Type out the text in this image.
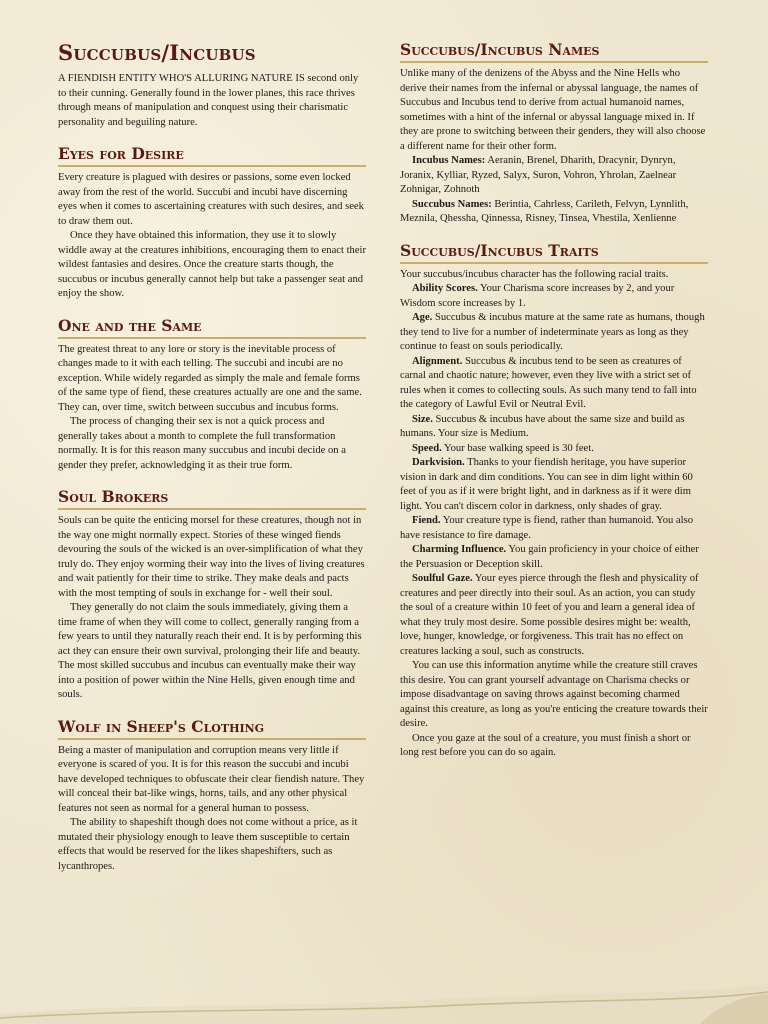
Succubus/Incubus

A FIENDISH ENTITY WHO'S ALLURING NATURE IS second only to their cunning. Generally found in the lower planes, this race thrives through means of manipulation and conquest using their charismatic personality and beguiling nature.

Eyes for Desire

Every creature is plagued with desires or passions, some even locked away from the rest of the world. Succubi and incubi have discerning eyes when it comes to ascertaining creatures with such desires, and seek to draw them out.

Once they have obtained this information, they use it to slowly widdle away at the creatures inhibitions, encouraging them to enact their wildest fantasies and desires. Once the creature starts though, the succubus or incubus generally cannot help but take a passenger seat and enjoy the show.

One and the Same

The greatest threat to any lore or story is the inevitable process of changes made to it with each telling. The succubi and incubi are no exception. While widely regarded as simply the male and female forms of the same type of fiend, these creatures actually are one and the same. They can, over time, switch between succubus and incubus forms.

The process of changing their sex is not a quick process and generally takes about a month to complete the full transformation normally. It is for this reason many succubus and incubi decide on a gender they prefer, acknowledging it as their true form.

Soul Brokers

Souls can be quite the enticing morsel for these creatures, though not in the way one might normally expect. Stories of these winged fiends devouring the souls of the wicked is an over-simplification of what they truly do. They enjoy worming their way into the lives of living creatures and wait patiently for their time to strike. They make deals and pacts with the most tempting of souls in exchange for - well their soul.

They generally do not claim the souls immediately, giving them a time frame of when they will come to collect, generally ranging from a few years to until they naturally reach their end. It is by performing this act they can ensure their own survival, prolonging their life and beauty. The most skilled succubus and incubus can eventually make their way into a position of power within the Nine Hells, given enough time and souls.

Wolf in Sheep's Clothing

Being a master of manipulation and corruption means very little if everyone is scared of you. It is for this reason the succubi and incubi have developed techniques to obfuscate their clear fiendish nature. They will conceal their bat-like wings, horns, tails, and any other physical features not seen as normal for a general human to possess.

The ability to shapeshift though does not come without a price, as it mutated their physiology enough to leave them susceptible to certain effects that would be reserved for the likes shapeshifters, such as lycanthropes.

Succubus/Incubus Names

Unlike many of the denizens of the Abyss and the Nine Hells who derive their names from the infernal or abyssal language, the names of Succubus and Incubus tend to derive from actual humanoid names, sometimes with a hint of the infernal or abyssal language mixed in. If they are prone to switching between their genders, they will also choose a different name for their other form.

Incubus Names: Aeranin, Brenel, Dharith, Dracynir, Dynryn, Joranix, Kylliar, Ryzed, Salyx, Suron, Vohron, Yhrolan, Zaelnear Zohnigar, Zohnoth

Succubus Names: Berintia, Cahrless, Carileth, Felvyn, Lynnlith, Meznila, Qhessha, Qinnessa, Risney, Tinsea, Vhestila, Xenlienne

Succubus/Incubus Traits

Your succubus/incubus character has the following racial traits.

Ability Scores. Your Charisma score increases by 2, and your Wisdom score increases by 1.

Age. Succubus & incubus mature at the same rate as humans, though they tend to live for a number of indeterminate years as long as they continue to feast on souls periodically.

Alignment. Succubus & incubus tend to be seen as creatures of carnal and chaotic nature; however, even they live with a strict set of rules when it comes to collecting souls. As such many tend to fall into the category of Lawful Evil or Neutral Evil.

Size. Succubus & incubus have about the same size and build as humans. Your size is Medium.

Speed. Your base walking speed is 30 feet.

Darkvision. Thanks to your fiendish heritage, you have superior vision in dark and dim conditions. You can see in dim light within 60 feet of you as if it were bright light, and in darkness as if it were dim light. You can't discern color in darkness, only shades of gray.

Fiend. Your creature type is fiend, rather than humanoid. You also have resistance to fire damage.

Charming Influence. You gain proficiency in your choice of either the Persuasion or Deception skill.

Soulful Gaze. Your eyes pierce through the flesh and physicality of creatures and peer directly into their soul. As an action, you can study the soul of a creature within 10 feet of you and learn a general idea of what they truly most desire. Some possible desires might be: wealth, love, hunger, knowledge, or forgiveness. This trait has no effect on creatures lacking a soul, such as constructs.

You can use this information anytime while the creature still craves this desire. You can grant yourself advantage on Charisma checks or impose disadvantage on saving throws against becoming charmed against this creature, as long as you're enticing the creature towards their desire.

Once you gaze at the soul of a creature, you must finish a short or long rest before you can do so again.
